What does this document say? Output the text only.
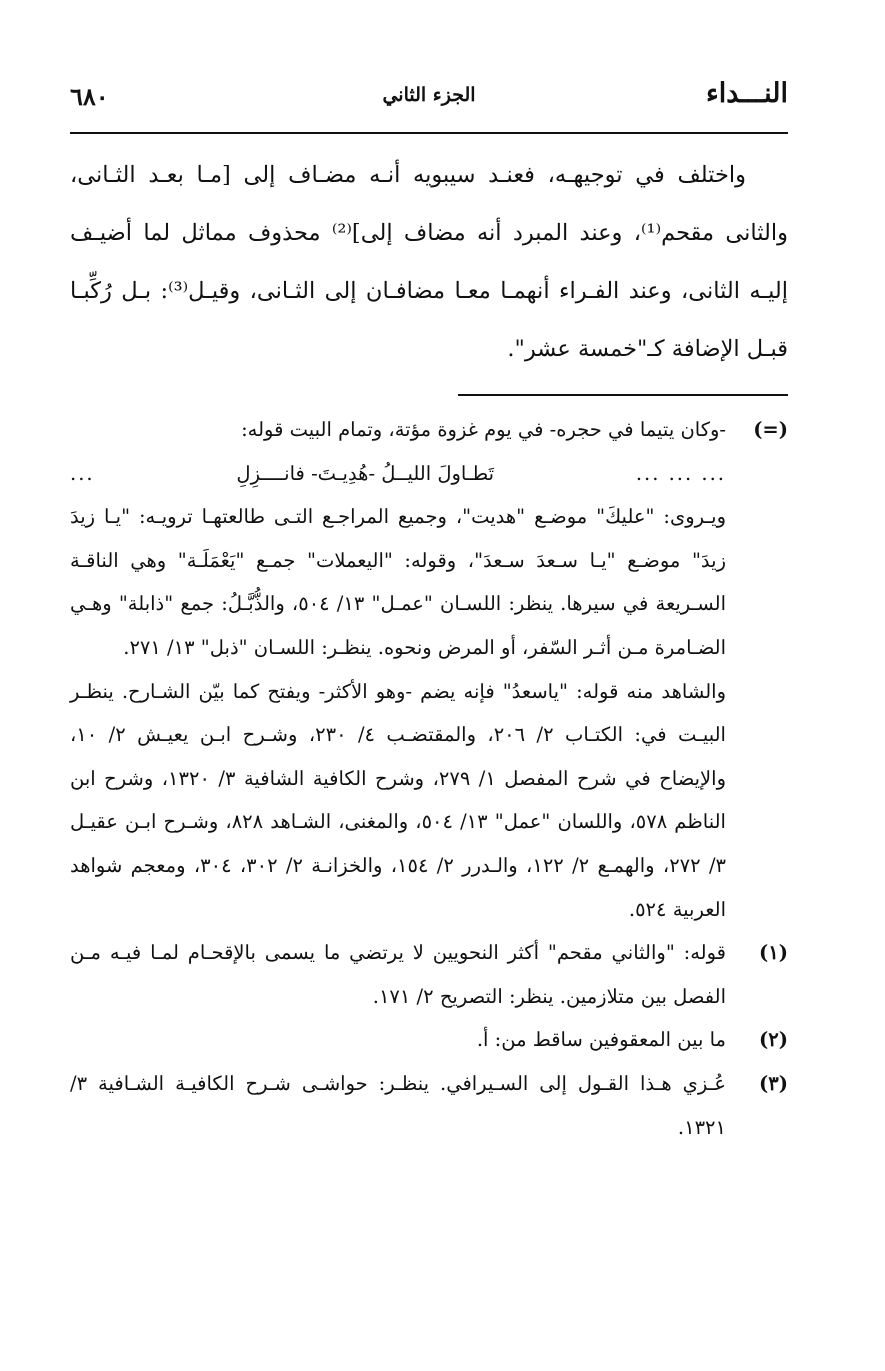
النـــداء
الجزء الثاني
٦٨٠

واختلف في توجيهـه، فعنـد سيبويه أنـه مضـاف إلى [مـا بعـد الثـانى، والثانى مقحم⁽¹⁾، وعند المبرد أنه مضاف إلى]⁽²⁾ محذوف مماثل لما أضيـف إليـه الثانى، وعند الفـراء أنهمـا معـا مضافـان إلى الثـانى، وقيـل⁽³⁾: بـل رُكِّبـا قبـل الإضافة كـ"خمسة عشر".

(=)

-وكان يتيما في حجره- في يوم غزوة مؤتة، وتمام البيت قوله:

... ... ...
تَطـاولَ الليــلُ -هُدِيـتَ- فانــــزِلِ
...

ويـروى: "عليكَ" موضـع "هديت"، وجميع المراجـع التـى طالعتهـا ترويـه: "يـا زيدَ زيدَ" موضـع "يـا سـعدَ سـعدَ"، وقوله: "اليعملات" جمـع "يَعْمَلَـة" وهي الناقـة السـريعة في سيرها. ينظر: اللسـان "عمـل" ١٣/ ٥٠٤، والذُّبَّـلُ: جمع "ذابلة" وهـي الضـامرة مـن أثـر السّفر، أو المرض ونحوه. ينظـر: اللسـان "ذبل" ١٣/ ٢٧١.

والشاهد منه قوله: "ياسعدُ" فإنه يضم -وهو الأكثر- ويفتح كما بيّن الشـارح. ينظـر البيـت في: الكتـاب ٢/ ٢٠٦، والمقتضـب ٤/ ٢٣٠، وشـرح ابـن يعيـش ٢/ ١٠، والإيضاح في شرح المفصل ١/ ٢٧٩، وشرح الكافية الشافية ٣/ ١٣٢٠، وشرح ابن الناظم ٥٧٨، واللسان "عمل" ١٣/ ٥٠٤، والمغنى، الشـاهد ٨٢٨، وشـرح ابـن عقيـل ٣/ ٢٧٢، والهمـع ٢/ ١٢٢، والـدرر ٢/ ١٥٤، والخزانـة ٢/ ٣٠٢، ٣٠٤، ومعجم شواهد العربية ٥٢٤.

(١)
قوله: "والثاني مقحم" أكثر النحويين لا يرتضي ما يسمى بالإقحـام لمـا فيـه مـن الفصل بين متلازمين. ينظر: التصريح ٢/ ١٧١.
(٢)
ما بين المعقوفين ساقط من: أ.
(٣)
عُـزي هـذا القـول إلى السـيرافي. ينظـر: حواشـى شـرح الكافيـة الشـافية ٣/ ١٣٢١.
